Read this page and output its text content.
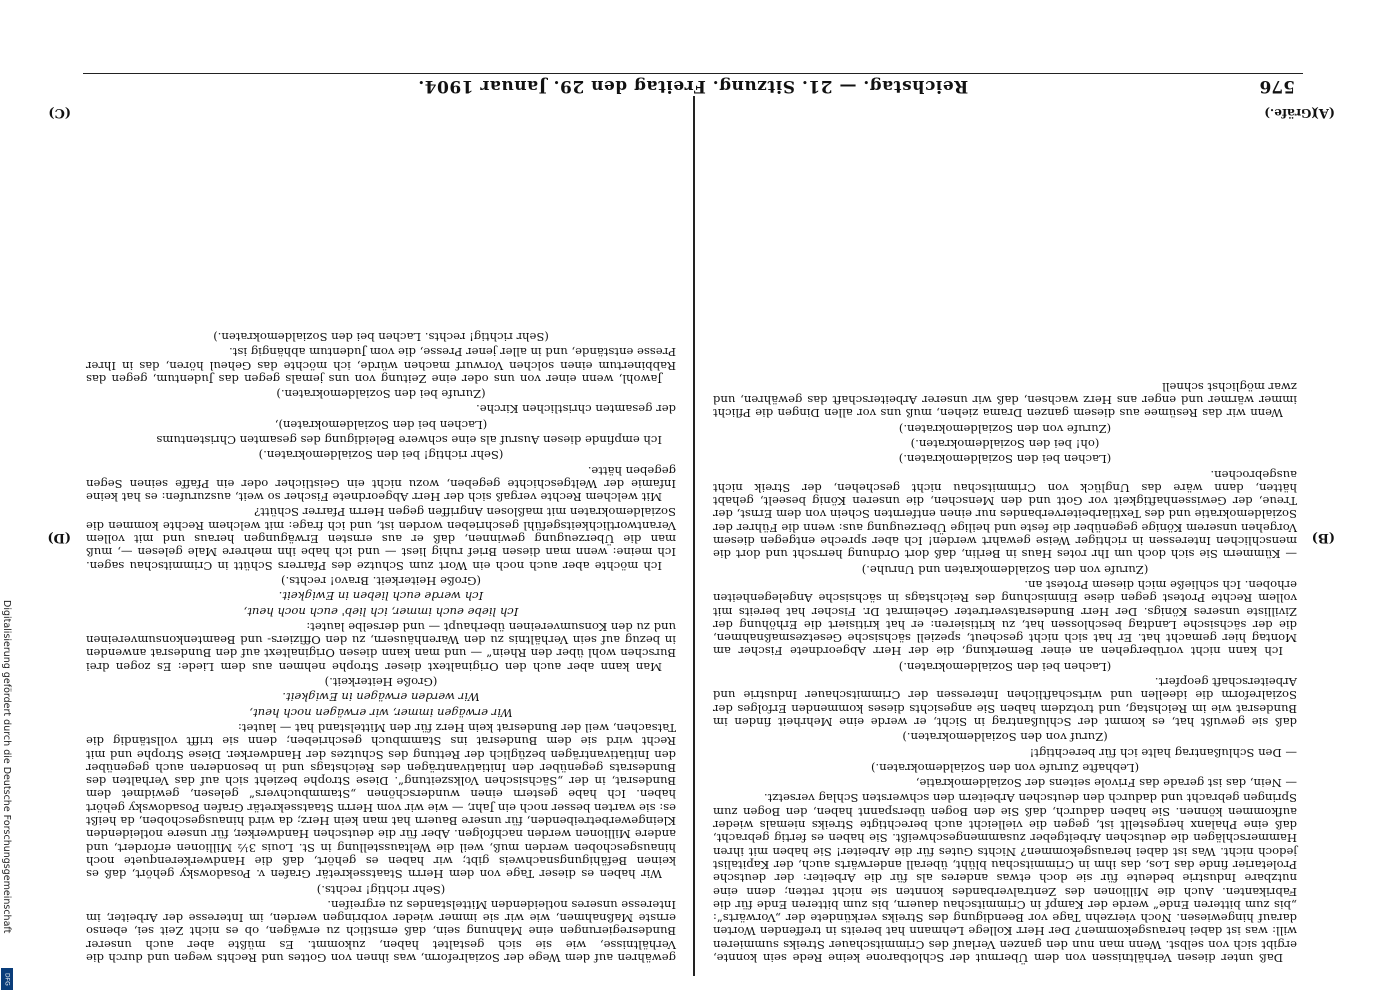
576
Reichstag. — 21. Sitzung. Freitag den 29. Januar 1904.
(A)
(Gräfe.)
(B)
(C)
(D)

Daß unter diesen Verhältnissen von dem Übermut der Schlotbarone keine Rede sein konnte, ergibt sich von selbst. Wenn man nun den ganzen Verlauf des Crimmitschauer Streiks summieren will: was ist dabei herausgekommen? Der Herr Kollege Lehmann hat bereits in treffenden Worten darauf hingewiesen. Noch vierzehn Tage vor Beendigung des Streiks verkündete der „Vorwärts“: „bis zum bitteren Ende“ werde der Kampf in Crimmitschau dauern, bis zum bitteren Ende für die Fabrikanten. Auch die Millionen des Zentralverbandes konnten sie nicht retten; denn eine nutzbare Industrie bedeute für sie doch etwas anderes als für die Arbeiter: der deutsche Proletarier finde das Los, das ihm in Crimmitschau blüht, überall anderwärts auch, der Kapitalist jedoch nicht. Was ist dabei herausgekommen? Nichts Gutes für die Arbeiter! Sie haben mit ihren Hammerschlägen die deutschen Arbeitgeber zusammengeschweißt. Sie haben es fertig gebracht, daß eine Phalanx hergestellt ist, gegen die vielleicht auch berechtigte Streiks niemals wieder aufkommen können. Sie haben dadurch, daß Sie den Bogen überspannt haben, den Bogen zum Springen gebracht und dadurch den deutschen Arbeitern den schwersten Schlag versetzt.

— Nein, das ist gerade das Frivole seitens der Sozialdemokratie,

(Lebhafte Zurufe von den Sozialdemokraten.)

— Den Schlußantrag halte ich für berechtigt!

(Zuruf von den Sozialdemokraten.)

daß sie gewußt hat, es kommt der Schlußantrag in Sicht, er werde eine Mehrheit finden im Bundesrat wie im Reichstag, und trotzdem haben Sie angesichts dieses kommenden Erfolges der Sozialreform die ideellen und wirtschaftlichen Interessen der Crimmitschauer Industrie und Arbeiterschaft geopfert.

(Lachen bei den Sozialdemokraten.)

Ich kann nicht vorübergehen an einer Bemerkung, die der Herr Abgeordnete Fischer am Montag hier gemacht hat. Er hat sich nicht gescheut, speziell sächsische Gesetzesmaßnahmen, die der sächsische Landtag beschlossen hat, zu kritisieren: er hat kritisiert die Erhöhung der Zivilliste unseres Königs. Der Herr Bundesratsvertreter Geheimrat Dr. Fischer hat bereits mit vollem Rechte Protest gegen diese Einmischung des Reichstags in sächsische Angelegenheiten erhoben. Ich schließe mich diesem Protest an.

(Zurufe von den Sozialdemokraten und Unruhe.)

— Kümmern Sie sich doch um Ihr rotes Haus in Berlin, daß dort Ordnung herrscht und dort die menschlichen Interessen in richtiger Weise gewahrt werden! Ich aber spreche entgegen diesem Vorgehen unserem Könige gegenüber die feste und heilige Überzeugung aus: wenn die Führer der Sozialdemokratie und des Textilarbeiterverbandes nur einen entfernten Schein von dem Ernst, der Treue, der Gewissenhaftigkeit vor Gott und den Menschen, die unseren König beseelt, gehabt hätten, dann wäre das Unglück von Crimmitschau nicht geschehen, der Streik nicht ausgebrochen.

(Lachen bei den Sozialdemokraten.)

(oh! bei den Sozialdemokraten.)

(Zurufe von den Sozialdemokraten.)

Wenn wir das Resümee aus diesem ganzen Drama ziehen, muß uns vor allen Dingen die Pflicht immer wärmer und enger ans Herz wachsen, daß wir unserer Arbeiterschaft das gewähren, und zwar möglichst schnell

gewähren auf dem Wege der Sozialreform, was ihnen von Gottes und Rechts wegen und durch die Verhältnisse, wie sie sich gestaltet haben, zukommt. Es müßte aber auch unserer Bundesregierungen eine Mahnung sein, daß ernstlich zu erwägen, ob es nicht Zeit sei, ebenso ernste Maßnahmen, wie wir sie immer wieder vorbringen werden, im Interesse der Arbeiter, im Interesse unseres notleidenden Mittelstandes zu ergreifen.

(Sehr richtig! rechts.)

Wir haben es dieser Tage von dem Herrn Staatssekretär Grafen v. Posadowsky gehört, daß es keinen Befähigungsnachweis gibt; wir haben es gehört, daß die Handwerkerenquete noch hinausgeschoben werden muß, weil die Weltausstellung in St. Louis 3½ Millionen erfordert, und andere Millionen werden nachfolgen. Aber für die deutschen Handwerker, für unsere notleidenden Kleingewerbetreibenden, für unsere Bauern hat man kein Herz; da wird hinausgeschoben, da heißt es: sie warten besser noch ein Jahr, — wie wir vom Herrn Staatssekretär Grafen Posadowsky gehört haben. Ich habe gestern einen wunderschönen „Stammbuchvers“ gelesen, gewidmet dem Bundesrat, in der „Sächsischen Volkszeitung“. Diese Strophe bezieht sich auf das Verhalten des Bundesrats gegenüber den Initiativanträgen des Reichstags und in besonderen auch gegenüber den Initiativanträgen bezüglich der Rettung des Schutzes der Handwerker. Diese Strophe und mit Recht wird sie dem Bundesrat ins Stammbuch geschrieben; denn sie trifft vollständig die Tatsachen, weil der Bundesrat kein Herz für den Mittelstand hat — lautet:

Wir erwägen immer, wir erwägen noch heut,

Wir werden erwägen in Ewigkeit.

(Große Heiterkeit.)

Man kann aber auch den Originaltext dieser Strophe nehmen aus dem Liede: Es zogen drei Burschen wohl über den Rhein“ — und man kann diesen Originaltext auf den Bundesrat anwenden in bezug auf sein Verhältnis zu den Warenhäusern, zu den Offiziers- und Beamtenkonsumvereinen und zu den Konsumvereinen überhaupt — und derselbe lautet:

Ich liebe euch immer, ich lieb' euch noch heut,

Ich werde euch lieben in Ewigkeit.

(Große Heiterkeit. Bravo! rechts.)

Ich möchte aber auch noch ein Wort zum Schutze des Pfarrers Schütt in Crimmitschau sagen. Ich meine: wenn man diesen Brief ruhig liest — und ich habe ihn mehrere Male gelesen —, muß man die Überzeugung gewinnen, daß er aus ernsten Erwägungen heraus und mit vollem Verantwortlichkeitsgefühl geschrieben worden ist, und ich frage: mit welchem Rechte kommen die Sozialdemokraten mit maßlosen Angriffen gegen Herrn Pfarrer Schütt?

Mit welchem Rechte vergaß sich der Herr Abgeordnete Fischer so weit, auszurufen: es hat keine Infamie der Weltgeschichte gegeben, wozu nicht ein Geistlicher oder ein Pfaffe seinen Segen gegeben hätte.

(Sehr richtig! bei den Sozialdemokraten.)

Ich empfinde diesen Ausruf als eine schwere Beleidigung des gesamten Christentums

(Lachen bei den Sozialdemokraten),

der gesamten christlichen Kirche.

(Zurufe bei den Sozialdemokraten.)

Jawohl, wenn einer von uns oder eine Zeitung von uns jemals gegen das Judentum, gegen das Rabbinertum einen solchen Vorwurf machen würde, ich möchte das Geheul hören, das in Ihrer Presse entstände, und in aller jener Presse, die vom Judentum abhängig ist.

(Sehr richtig! rechts. Lachen bei den Sozialdemokraten.)

Digitalisierung gefördert durch die Deutsche Forschungsgemeinschaft
DFG
